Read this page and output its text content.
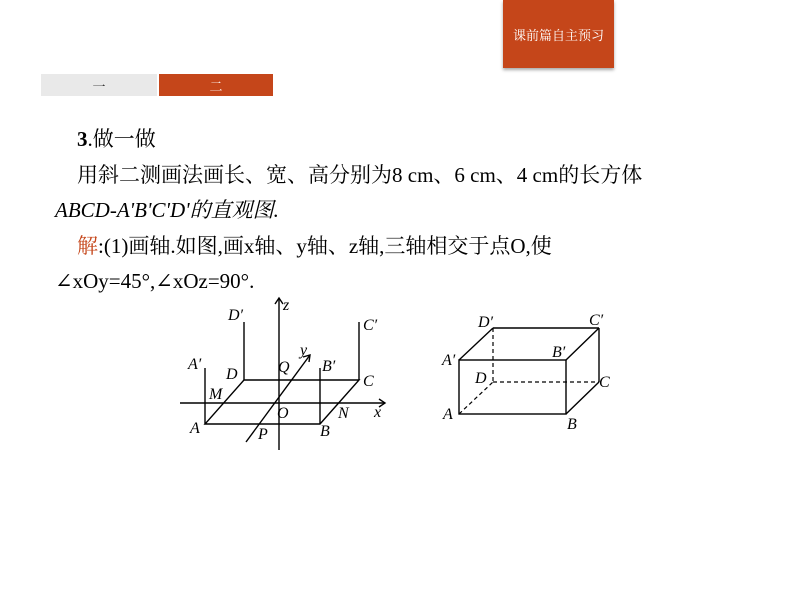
课前篇自主预习
一	二
3.做一做
用斜二测画法画长、宽、高分别为8 cm、6 cm、4 cm的长方体
ABCD-A'B'C'D'的直观图.
解:(1)画轴.如图,画x轴、y轴、z轴,三轴相交于点O,使
∠xOy=45°,∠xOz=90°.
D′
z
C′
y
A′
D	Q B′
C
M
O	N x
A	P	B
D′	C′
B′
A′
D	C
A
B
